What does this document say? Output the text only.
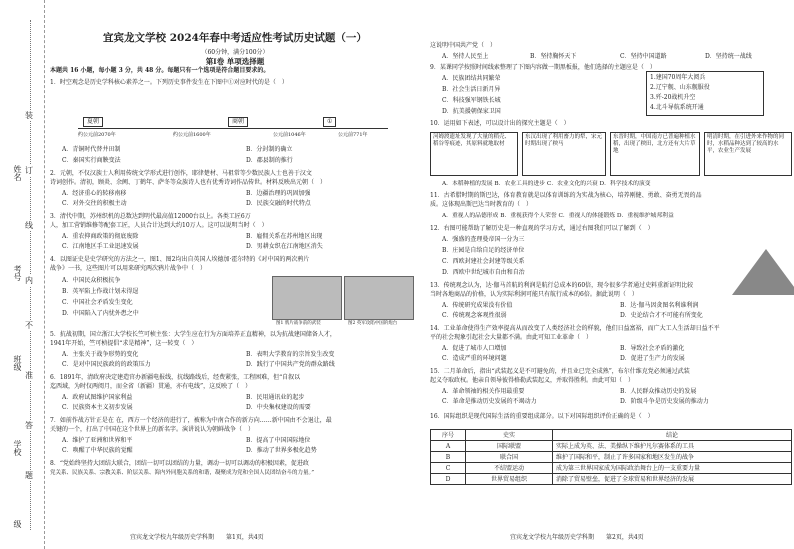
姓名
考号
班级
学校
级
装
订
线
内
不
准
答
题
宜宾龙文学校 2024年春中考适应性考试历史试题（一）
（60分钟，满分100分）
第Ⅰ卷 单项选择题
本题共 16 小题，每小题 3 分，共 48 分。每题只有一个选项是符合题目要求的。
1．时空观念是历史学科核心素养之一。下列历史事件发生在下图中①对应时代的是（　）
夏朝	商朝	①
约公元前2070年	约公元前1600年	公元前1046年	公元前771年
A．青铜时代替井田制	B．分封制的确立
C．秦国实行商鞅变法	D．郡县制的推行
2．元朝，不仅汉族士人利用传统文学形式进行创作，耶律楚材、马祖常等少数民族人士也善于汉文
诗词创作。清初，顾炎、余阙、丁鹤年、萨冬等众族诗人也有优秀诗词作品传世。材料反映出元朝（　）
A．经济重心的转移南移	B．边疆治理的巩固加强
C．对外交往的积极主动	D．民族交融的时代特点
3．清代中期，苏州织机的总数达到明代最高值12000台以上。各类工匠6万
人，加工营销维修等配套工匠，人员合计达到大约10万人。这可以说明当时（　）
A．重农抑商政策的彻底废除	B．雇佣关系在苏州地区出现
C．江南地区手工业迅速发展	D．男耕女织在江南地区消失
4．以图证史是史学研究的方法之一，图1、图2均出自英国人埃德加·霍尔特的《对中国的两次鸦片
战争》一书，这些图片可以用来研究两次鸦片战争中（　）
A．中国民众积极抗争
B．英军陷上作战计划未得逞
C．中国社会矛盾发生变化
D．中国陷入了内忧外患之中
图1 鸦片战争前的武装	图2 英军攻陷中国的炮台
5．抗战初期，国立浙江大学校长竺可桢主张：大学生应在行为方面培养正直精神，以为抗战建国储备人才，
1941年开始，竺可桢提倡“求是精神”，这一转变（　）
A．主张关于战争形势的变化	B．表明大学教育的宗旨发生改变
C．是对中国民族政的的政策压力	D．践行了中国共产党的群众路线
6．1891年，清政府决定建造官办新疆电报线，抗线路线后，经费紧张，工程困难，但“自叙以
迄西域，为时仅两阅月，而全省（新疆）贯通，亦有电线”，这反映了（　）
A．政府试图维护国家利益	B．民用通讯业的起步
C．民族资本主义初步发展	D．中央集权建设的需要
7．如前作战方针正是在 在，西方一个经济的进行了，被称为中南合作的新方向……新中国由不会退让，最
关键的一个，打出了中国在这个世界上的新名字。演讲说认为朝鲜战争（　）
A．维护了亚洲和世界和平	B．提高了中国国际地位
C．唤醒了中华民族的觉醒	D．推动了世界多极化趋势
8．“党始终坚持大团结大联合，团结一切可以团结的力量，调动一切可以调动的积极因素，促进政
党关系、民族关系、宗教关系、阶层关系、海内外同胞关系的和谐，凝聚成为党和全国人民团结奋斗的力量。”
宜宾龙文学校九年级历史学科期　　第1页，共4页
这说明中国共产党（　）
A．坚持人民至上	B．坚持胸怀天下	C．坚持中国道路	D．坚持统一战线
9．某课同学按照时间线索整理了下图内容做一期黑板报，他们选择的主题应是（　）
A．民族团结共同繁荣
B．社会生活日新月异
C．科技强军钢铁长城
D．抗美援朝保家卫国
1.建国70周年大阅兵
2.辽宁舰、山东舰服役
3.歼-20战机升空
4.北斗导航系统开通
10．运用如下表述，可以设计出的探究主题是（　）
河姆渡遗址发现了大量的稻壳、稻谷等痕迹，其原料就地取材
东汉出现了利用畜力的犁，宋元时期出现了秧马
东晋时期，中国南方已普遍种植水稻，出现了秧田，北方还有大片草地
明清时期，在引进外来作物的同时，水稻品种达到了较高的水平，农业生产发展
A．本稻种植的发展 B．农业工具的进步 C．农业文化的兴衰 D．科学技术的演变
11．古希腊时期的斯巴达，体育教育就是以体育训练的为实战为核心，培养刚健、勇敢、奋勇无畏的品
质。这体现出斯巴达当时教育的（　）
A．重视人的品德形成 B．重视获得个人荣誉 C．重视人的体能锻炼 D．重视维护城邦利益
12．右图可能帮助了解历史是一种直观的学习方式，通过右图我们可以了解到（　）
A．强盛的查理曼帝国一分为三
B．庄园是自给自足的经济单位
C．西欧封建社会封建等级关系
D．西欧中世纪城市自由和自治
13．传统观念认为，达·伽马首航的利润是航行总成本的60倍，现今很多学者通过史料重新证明比较
当时各地商品的价格，认为实际利润可能只有航行成本的6倍。据此说明（　）
A．传统研究成果没有价值	B．达·伽马因贪图名利谁利润
C．传统观念客观性很弱	D．史论结合才不可能有所变化
14．工业革命使得生产效率提高从而改变了人类经济社会的样貌，他们日益富裕，而广大工人生活却日益不平
平的社会现象引起社会大量都不满。由此可知工业革命（　）
A．促进了城市人口增加	B．导致社会矛盾的激化
C．造成严重的环境问题	D．促进了生产力的发展
15．二月革命后，指出“武装起义是不可避免的，并且业已完全成熟”，布尔什维克党必须通过武装
起义夺取政权。他亲自领导彼得格勒武装起义，并取得胜利。由此可知（　）
A．革命领袖的相关作用最重要	B．人民群众推动历史的发展
C．革命是推动历史发展的不竭动力	D．阶级斗争是历史发展的推动力
16．国际组织是现代国际生活的重要组成部分。以下对国际组织评价正确的是（　）
序号	史实	结论
A	国际联盟	实际上成为英、法、美操纵下维护凡尔赛体系的工具
B	联合国	维护了国际和平，制止了许多国家和地区发生的战争
C	不结盟运动	成为第三世界国家成为国际政治舞台上的一支重要力量
D	世界贸易组织	消除了贸易壁垒，促进了全球贸易和世界经济的发展
宜宾龙文学校九年级历史学科期　　第2页，共4页
